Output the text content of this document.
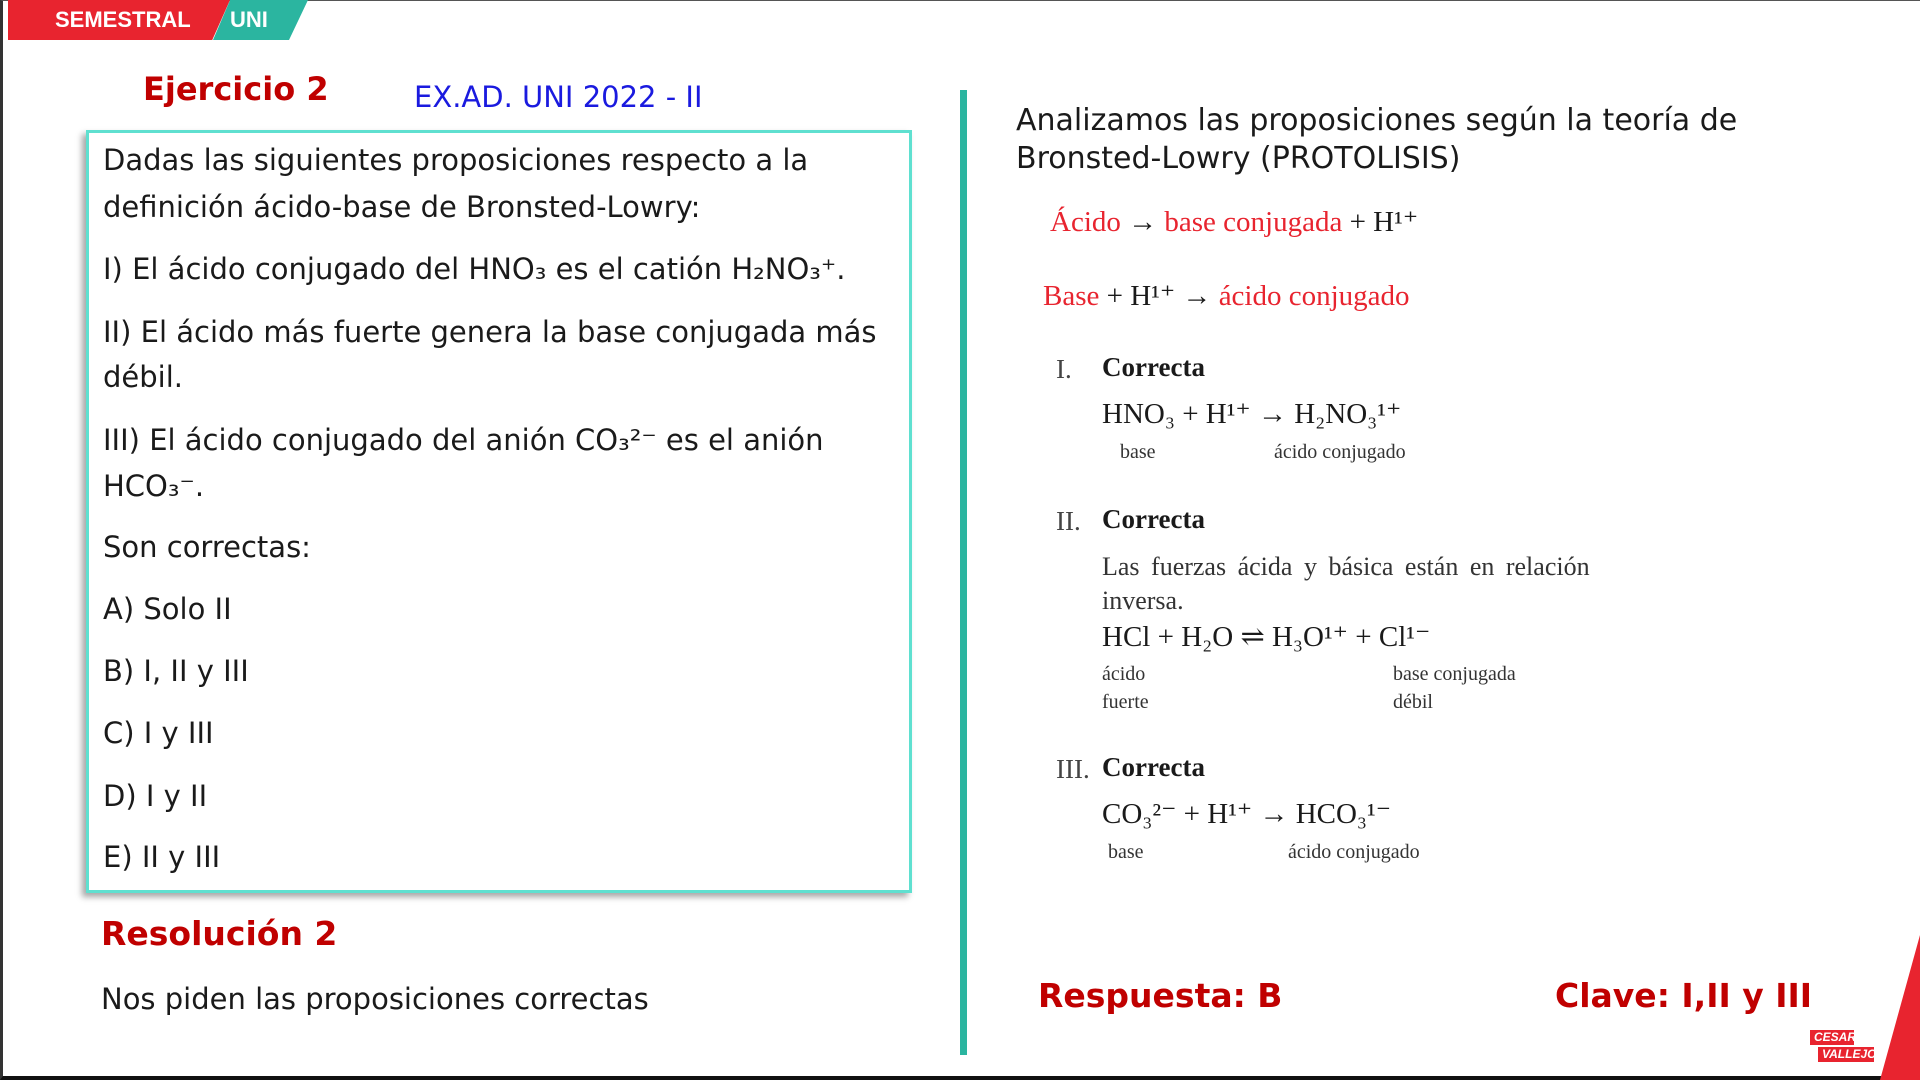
SEMESTRAL UNI
Ejercicio 2	EX.AD. UNI 2022 - II
Dadas las siguientes proposiciones respecto a la
definición ácido-base de Bronsted-Lowry:
I) El ácido conjugado del HNO₃ es el catión H₂NO₃⁺.
II) El ácido más fuerte genera la base conjugada más
débil.
III) El ácido conjugado del anión CO₃²⁻ es el anión
HCO₃⁻.
Son correctas:
A) Solo II
B) I, II y III
C) I y III
D) I y II
E) II y III
Resolución 2
Nos piden las proposiciones correctas
Analizamos las proposiciones según la teoría de
Bronsted-Lowry (PROTOLISIS)
Ácido → base conjugada + H¹⁺
Base + H¹⁺ → ácido conjugado
I. Correcta
HNO₃ + H¹⁺ → H₂NO₃¹⁺
base	ácido conjugado
II. Correcta
Las fuerzas ácida y básica están en relación
inversa.
HCl + H₂O ⇌ H₃O¹⁺ + Cl¹⁻
ácido
fuerte
base conjugada
débil
III. Correcta
CO₃²⁻ + H¹⁺ → HCO₃¹⁻
base	ácido conjugado
Respuesta: B	Clave: I,II y III
CESAR
VALLEJO
